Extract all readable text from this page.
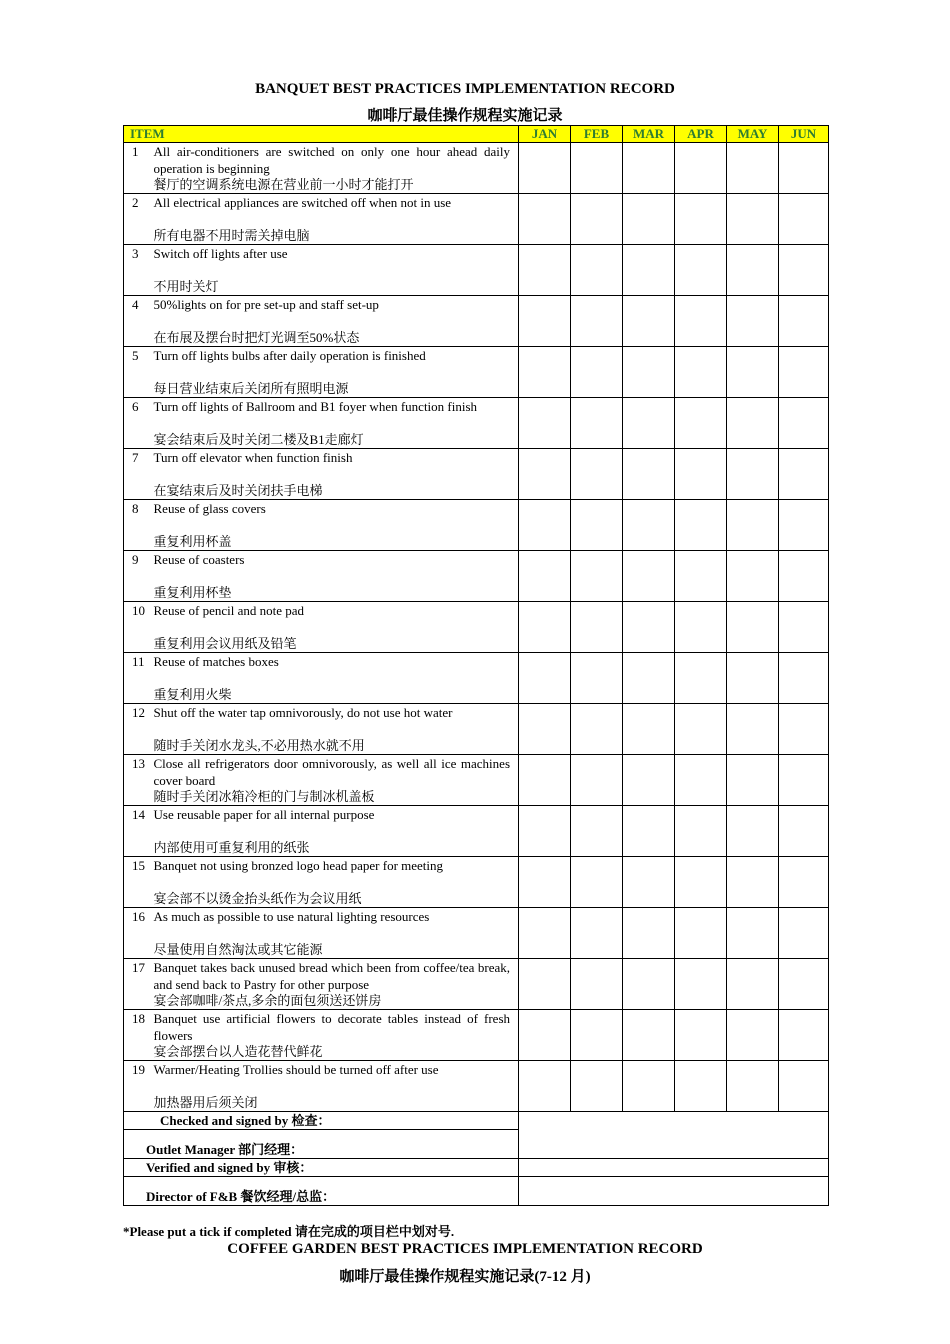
BANQUET BEST PRACTICES IMPLEMENTATION RECORD
咖啡厅最佳操作规程实施记录
ITEM		JAN	FEB	MAR	APR	MAY	JUN
1	All air-conditioners are switched on only one hour ahead daily operation is beginning
餐厅的空调系统电源在营业前一小时才能打开						

2	All electrical appliances are switched off when not in use
所有电器不用时需关掉电脑						

3	Switch off lights after use
不用时关灯						

4	50%lights on for pre set-up and staff set-up
在布展及摆台时把灯光调至50%状态						

5	Turn off lights bulbs after daily operation is finished
每日营业结束后关闭所有照明电源						

6	Turn off lights of Ballroom and B1 foyer when function finish
宴会结束后及时关闭二楼及B1走廊灯						

7	Turn off elevator when function finish
在宴结束后及时关闭扶手电梯						

8	Reuse of glass covers
重复利用杯盖						

9	Reuse of coasters
重复利用杯垫						

10	Reuse of pencil and note pad
重复利用会议用纸及铅笔						

11	Reuse of matches boxes
重复利用火柴						

12	Shut off the water tap omnivorously, do not use hot water
随时手关闭水龙头,不必用热水就不用						

13	Close all refrigerators door omnivorously, as well all ice machines cover board
随时手关闭冰箱冷柜的门与制冰机盖板						

14	Use reusable paper for all internal purpose
内部使用可重复利用的纸张						

15	Banquet not using bronzed logo head paper for meeting
宴会部不以烫金抬头纸作为会议用纸						

16	As much as possible to use natural lighting resources
尽量使用自然淘汰或其它能源						

17	Banquet takes back unused bread which been from coffee/tea break, and send back to Pastry for other purpose
宴会部咖啡/茶点,多余的面包须送还饼房						

18	Banquet use artificial flowers to decorate tables instead of fresh flowers
宴会部摆台以人造花替代鲜花						

19	Warmer/Heating Trollies should be turned off after use
加热器用后须关闭						

Checked and signed by 检查：							
Outlet Manager 部门经理：							
Verified and signed by 审核：							
Director of F&B 餐饮经理/总监：							
*Please put a tick if completed 请在完成的项目栏中划对号.
COFFEE GARDEN BEST PRACTICES IMPLEMENTATION RECORD
咖啡厅最佳操作规程实施记录(7-12 月)
